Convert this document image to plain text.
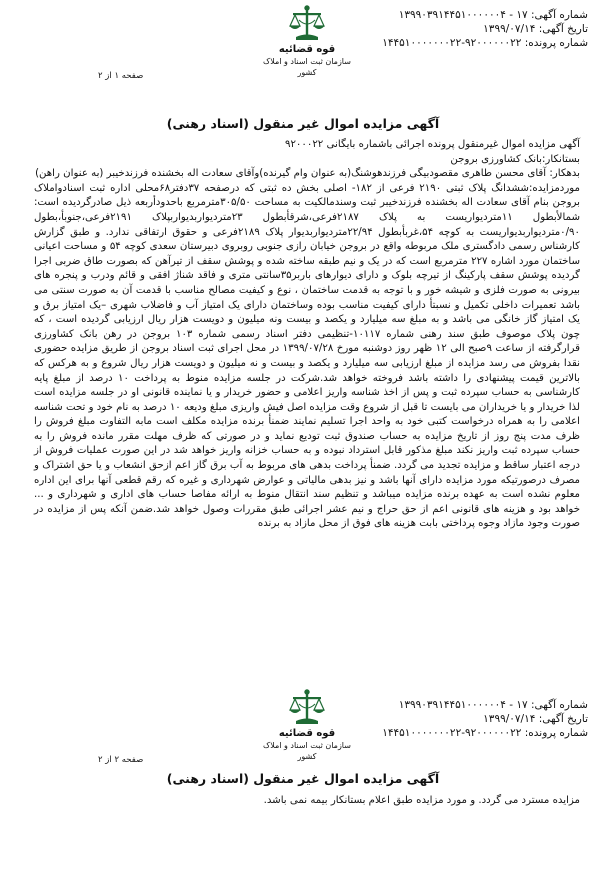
شماره آگهی: ۱۷ - ۱۳۹۹۰۳۹۱۴۴۵۱۰۰۰۰۰۰۴
تاریخ آگهی: ۱۳۹۹/۰۷/۱۴
شماره پرونده: ۹۲۰۰۰۰۰۰۲۲-۱۴۴۵۱۰۰۰۰۰۰۰۲۲
قوه قضائیه
سازمان ثبت اسناد و املاک کشور
صفحه ۱ از ۲
آگهی مزایده اموال غیر منقول (اسناد رهنی)

آگهی مزایده اموال غیرمنقول پرونده اجرائی باشماره بایگانی ۹۲۰۰۰۲۲

بستانکار:بانک کشاورزی بروجن

بدهکار: آقای محسن طاهری مقصودبیگی فرزندهوشنگ(به عنوان وام گیرنده)وآقای سعادت اله بخشنده فرزندخیبر (به عنوان راهن)

موردمزایده:ششدانگ پلاک ثبتی ۲۱۹۰ فرعی از ۱۸۲- اصلی بخش ده ثبتی که درصفحه ۳۷دفتر۶۸محلی اداره ثبت اسنادواملاک بروجن بنام آقای سعادت اله بخشنده فرزندخیبر ثبت وسندمالکیت به مساحت ۳۰۵/۵۰مترمربع باحدودأربعه ذیل صادرگردیده است: شمالأبطول ۱۱متردیواریست به پلاک ۲۱۸۷فرعی،شرقأبطول ۲۳متردیواربدیواربپلاک ۲۱۹۱فرعی،جنوبأ،بطول ۰/۹۰متردیواربدیواریست به کوچه ۵۴،غربأبطول ۲۲/۹۴متردیواربدیوار پلاک ۲۱۸۹فرعی و حقوق ارتفاقی ندارد. و طبق گزارش کارشناس رسمی دادگستری ملک مربوطه واقع در بروجن خیابان رازی جنوبی روبروی دبیرستان سعدی کوچه ۵۴ و مساحت اعیانی ساختمان مورد اشاره ۲۲۷ مترمربع است که در یک و نیم طبقه ساخته شده و پوشش سقف از تیرآهن که بصورت طاق ضربی اجرا گردیده پوشش سقف پارکینگ از تیرچه بلوک و دارای دیوارهای باربر۳۵سانتی متری و فاقد شناژ افقی و قائم ودرب و پنجره های بیرونی به صورت فلزی و شیشه خور و با توجه به قدمت ساختمان ، نوع و کیفیت مصالح مناسب با قدمت آن به صورت سنتی می باشد تعمیرات داخلی تکمیل و نسبتأ دارای کیفیت مناسب بوده وساختمان دارای یک امتیاز آب و فاضلاب شهری –یک امتیاز برق و یک امتیاز گاز خانگی می باشد و به مبلغ سه میلیارد و یکصد و بیست ونه میلیون و دویست هزار ریال ارزیابی گردیده است ، که چون پلاک موصوف طبق سند رهنی شماره ۱۰۱۱۷-تنظیمی دفتر اسناد رسمی شماره ۱۰۳ بروجن در رهن بانک کشاورزی قرارگرفته از ساعت ۹صبح الی ۱۲ ظهر روز دوشنبه مورخ ۱۳۹۹/۰۷/۲۸ در محل اجرای ثبت اسناد بروجن از طریق مزایده حضوری نقدا بفروش می رسد مزایده از مبلغ ارزیابی سه میلیارد و یکصد و بیست و نه میلیون و دویست هزار ریال شروع و به هرکس که بالاترین قیمت پیشنهادی را داشته باشد فروخته خواهد شد.شرکت در جلسه مزایده منوط به پرداخت ۱۰ درصد از مبلغ پایه کارشناسی به حساب سپرده ثبت و پس از اخذ شناسه واریز اعلامی و حضور خریدار و یا نماینده قانونی او در جلسه مزایده است لذا خریدار و یا خریداران می بایست تا قبل از شروع وقت مزایده اصل فیش واریزی مبلغ ودیعه ۱۰ درصد به نام خود و تحت شناسه اعلامی را به همراه درخواست کتبی خود به واحد اجرا تسلیم نمایند ضمنأ برنده مزایده مکلف است مابه التفاوت مبلغ فروش را ظرف مدت پنج روز از تاریخ مزایده به حساب صندوق ثبت تودیع نماید و در صورتی که ظرف مهلت مقرر مانده فروش را به حساب سپرده ثبت واریز نکند مبلغ مذکور قابل استرداد نبوده و به حساب خزانه واریز خواهد شد در این صورت عملیات فروش از درجه اعتبار ساقط و مزایده تجدید می گردد. ضمنأ پرداخت بدهی های مربوط به آب برق گاز اعم ازحق انشعاب و یا حق اشتراک و مصرف درصورتیکه مورد مزایده دارای آنها باشد و نیز بدهی مالیاتی و عوارض شهرداری و غیره که رقم قطعی آنها برای این اداره معلوم نشده است به عهده برنده مزایده میباشد و تنظیم سند انتقال منوط به ارائه مفاصا حساب های اداری و شهرداری و ... خواهد بود و هزینه های قانونی اعم از حق حراج و نیم عشر اجرائی طبق مقررات وصول خواهد شد.ضمن آنکه پس از مزایده در صورت وجود مازاد وجوه پرداختی بابت هزینه های فوق از محل مازاد به برنده

شماره آگهی: ۱۷ - ۱۳۹۹۰۳۹۱۴۴۵۱۰۰۰۰۰۰۴
تاریخ آگهی: ۱۳۹۹/۰۷/۱۴
شماره پرونده: ۹۲۰۰۰۰۰۰۲۲-۱۴۴۵۱۰۰۰۰۰۰۰۲۲
قوه قضائیه
سازمان ثبت اسناد و املاک کشور
صفحه ۲ از ۲
آگهی مزایده اموال غیر منقول (اسناد رهنی)

مزایده مسترد می گردد. و مورد مزایده طبق اعلام بستانکار بیمه نمی باشد.
